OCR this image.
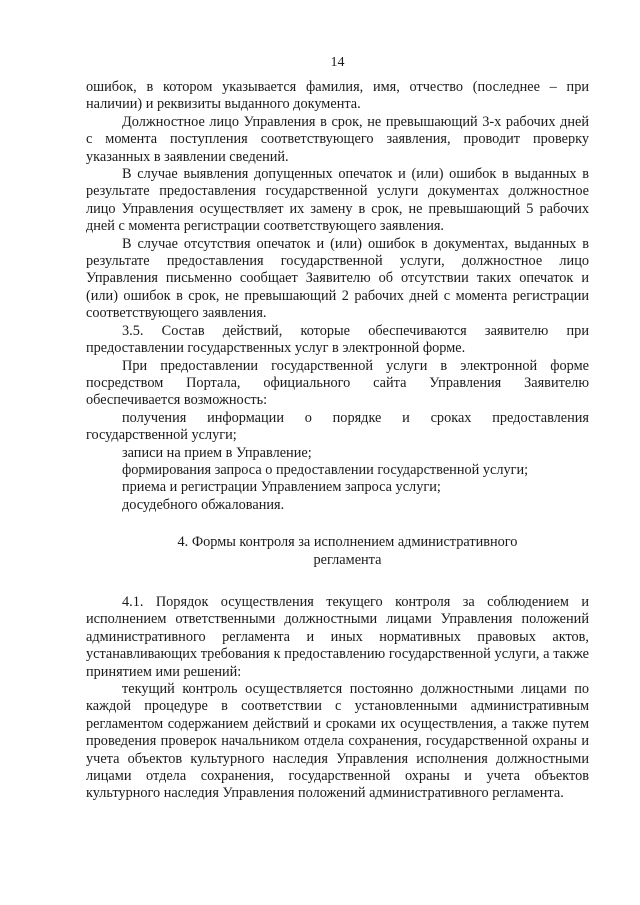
14

ошибок, в котором указывается фамилия, имя, отчество (последнее – при наличии) и реквизиты выданного документа.

Должностное лицо Управления в срок, не превышающий 3-х рабочих дней с момента поступления соответствующего заявления, проводит проверку указанных в заявлении сведений.

В случае выявления допущенных опечаток и (или) ошибок в выданных в результате предоставления государственной услуги документах должностное лицо Управления осуществляет их замену в срок, не превышающий 5 рабочих дней с момента регистрации соответствующего заявления.

В случае отсутствия опечаток и (или) ошибок в документах, выданных в результате предоставления государственной услуги, должностное лицо Управления письменно сообщает Заявителю об отсутствии таких опечаток и (или) ошибок в срок, не превышающий 2 рабочих дней с момента регистрации соответствующего заявления.

3.5. Состав действий, которые обеспечиваются заявителю при предоставлении государственных услуг в электронной форме.

При предоставлении государственной услуги в электронной форме посредством Портала, официального сайта Управления Заявителю обеспечивается возможность:

получения информации о порядке и сроках предоставления государственной услуги;

записи на прием в Управление;

формирования запроса о предоставлении государственной услуги;

приема и регистрации Управлением запроса услуги;

досудебного обжалования.

4. Формы контроля за исполнением административного регламента

4.1. Порядок осуществления текущего контроля за соблюдением и исполнением ответственными должностными лицами Управления положений административного регламента и иных нормативных правовых актов, устанавливающих требования к предоставлению государственной услуги, а также принятием ими решений:

текущий контроль осуществляется постоянно должностными лицами по каждой процедуре в соответствии с установленными административным регламентом содержанием действий и сроками их осуществления, а также путем проведения проверок начальником отдела сохранения, государственной охраны и учета объектов культурного наследия Управления исполнения должностными лицами отдела сохранения, государственной охраны и учета объектов культурного наследия Управления положений административного регламента.
